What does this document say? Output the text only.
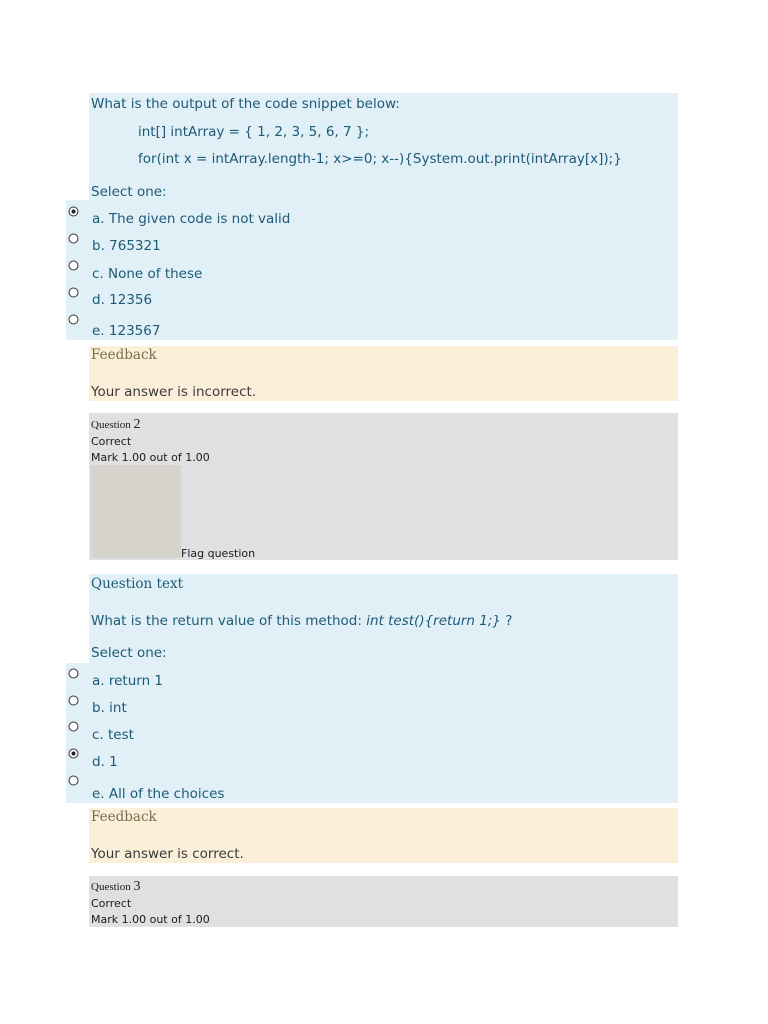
What is the output of the code snippet below:
int[] intArray = { 1, 2, 3, 5, 6, 7 };
for(int x = intArray.length-1; x>=0; x--){System.out.print(intArray[x]);}
Select one:
a. The given code is not valid
b. 765321
c. None of these
d. 12356
e. 123567
Feedback
Your answer is incorrect.
Question 2
Correct
Mark 1.00 out of 1.00
Flag question
Question text
What is the return value of this method: int test(){return 1;} ?
Select one:
a. return 1
b. int
c. test
d. 1
e. All of the choices
Feedback
Your answer is correct.
Question 3
Correct
Mark 1.00 out of 1.00
